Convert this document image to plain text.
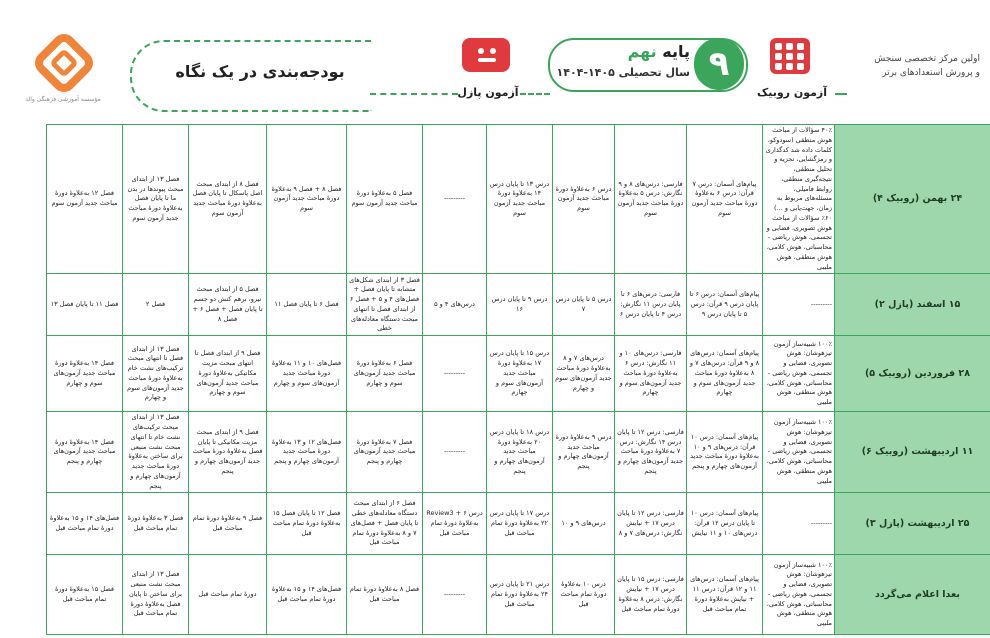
مؤسسه آموزشی فرهنگی والد
بودجه‌بندی در یک نگاه
آزمون پازل
۹
پایه نهم
سال تحصیلی ۱۴۰۵-۱۴۰۴
آزمون روبیک
اولین مرکز تخصصی سنجش
و پرورش استعدادهای برتر
فصل ۱۲ به‌علاوهٔ دورهٔ مباحث جدید آزمون سوم	فصل ۱۳ از ابتدای مبحث پیوندها در بدن ما تا پایان فصل به‌علاوهٔ دورهٔ مباحث جدید آزمون سوم	فصل ۸ از ابتدای مبحث اصل پاسکال تا پایان فصل به‌علاوهٔ دورهٔ مباحث جدید آزمون سوم	فصل ۸ + فصل ۹ به‌علاوهٔ دورهٔ مباحث جدید آزمون سوم	فصل ۵ به‌علاوهٔ دورهٔ مباحث جدید آزمون سوم	---------	درس ۱۳ تا پایان درس ۱۴ به‌علاوهٔ دورهٔ مباحث جدید آزمون سوم	درس ۶ به‌علاوهٔ دورهٔ مباحث جدید آزمون سوم	فارسی: درس‌های ۸ و ۹ نگارش: درس ۵ به‌علاوهٔ دورهٔ مباحث جدید آزمون سوم	پیام‌های آسمان: درس ۷ قرآن: درس ۶ به‌علاوهٔ دورهٔ مباحث جدید آزمون سوم	۴۰٪ سؤالات از مباحث هوش منطقی (سودوکو، کلمات داده شد کدگذاری و رمزگشایی، تجزیه و تحلیل منطقی، نتیجه‌گیری منطقی، روابط فامیلی، مسئله‌های مربوط به زمان، جهت‌یابی و ...) ۶۰٪ سؤالات از مباحث هوش تصویری، فضایی و تجسمی، هوش ریاضی - محاسباتی، هوش کلامی، هوش منطقی، هوش ملیبی	۲۴ بهمن (روبیک ۴)
فصل ۱۱ تا پایان فصل ۱۳	فصل ۲	فصل ۵ از ابتدای مبحث نیرو، برهم کنش دو جسم تا پایان فصل + فصل ۶ + فصل ۸	فصل ۶ تا پایان فصل ۱۱	فصل ۳ از ابتدای شکل‌های متشابه تا پایان فصل + فصل‌های ۴ و ۵ + فصل ۶ از ابتدای فصل تا انتهای مبحث دستگاه معادله‌های خطی	درس‌های ۴ و ۵	درس ۹ تا پایان درس ۱۶	درس ۵ تا پایان درس ۷	فارسی: درس‌های ۶ تا پایان درس ۱۱ نگارش: درس ۴ تا پایان درس ۶	پیام‌های آسمان: درس ۶ تا پایان درس ۹ قرآن: درس ۵ تا پایان درس ۹	---------	۱۵ اسفند (پازل ۲)
فصل ۱۴ به‌علاوهٔ دورهٔ مباحث جدید آزمون‌های سوم و چهارم	فصل ۱۳ از ابتدای فصل تا انتهای مبحث ترکیب‌های نشت خام به‌علاوهٔ دورهٔ مباحث جدید آزمون‌های سوم و چهارم	فصل ۹ از ابتدای فصل تا انتهای مبحث مزیت مکانیکی به‌علاوهٔ دورهٔ مباحث جدید آزمون‌های سوم و چهارم	فصل‌های ۱۰ و ۱۱ به‌علاوهٔ دورهٔ مباحث جدید آزمون‌های سوم و چهارم	فصل ۶ به‌علاوهٔ دورهٔ مباحث جدید آزمون‌های سوم و چهارم	---------	درس ۱۵ تا پایان درس ۱۷ به‌علاوهٔ دورهٔ مباحث جدید آزمون‌های سوم و چهارم	درس‌های ۷ و ۸ به‌علاوهٔ دورهٔ مباحث جدید آزمون‌های سوم و چهارم	فارسی: درس‌های ۱۰ و ۱۱ نگارش: درس ۶ به‌علاوهٔ دورهٔ مباحث جدید آزمون‌های سوم و چهارم	پیام‌های آسمان: درس‌های ۸ و ۹ قرآن: درس‌های ۷ و ۸ به‌علاوهٔ دورهٔ مباحث جدید آزمون‌های سوم و چهارم	۱۰۰٪ شبیه‌ساز آزمون تیزهوشان: هوش تصویری، فضایی و تجسمی، هوش ریاضی - محاسباتی، هوش کلامی، هوش منطقی، هوش ملیبی	۲۸ فروردین (روبیک ۵)
فصل ۱۴ به‌علاوهٔ دورهٔ مباحث جدید آزمون‌های چهارم و پنجم	فصل ۱۳ از ابتدای مبحث ترکیب‌های نشت خام تا انتهای مبحث نشت منبعی برای ساختن به‌علاوهٔ دورهٔ مباحث جدید آزمون‌های چهارم و پنجم	فصل ۹ از ابتدای مبحث مزیت مکانیکی تا پایان فصل به‌علاوهٔ دورهٔ مباحث جدید آزمون‌های چهارم و پنجم	فصل‌های ۱۲ و ۱۳ به‌علاوهٔ دورهٔ مباحث جدید آزمون‌های چهارم و پنجم	فصل ۷ به‌علاوهٔ دورهٔ مباحث جدید آزمون‌های چهارم و پنجم	---------	درس ۱۸ تا پایان درس ۲۰ به‌علاوهٔ دورهٔ مباحث جدید آزمون‌های چهارم و پنجم	درس ۹ به‌علاوهٔ دورهٔ مباحث جدید آزمون‌های چهارم و پنجم	فارسی: درس ۱۲ تا پایان درس ۱۴ نگارش: درس ۷ به‌علاوهٔ دورهٔ مباحث جدید آزمون‌های چهارم و پنجم	پیام‌های آسمان: درس ۱۰ قرآن: درس‌های ۹ و ۱۰ به‌علاوهٔ دورهٔ مباحث جدید آزمون‌های چهارم و پنجم	۱۰۰٪ شبیه‌ساز آزمون تیزهوشان: هوش تصویری، فضایی و تجسمی، هوش ریاضی - محاسباتی، هوش کلامی، هوش منطقی، هوش ملیبی	۱۱ اردیبهشت (روبیک ۶)
فصل‌های ۱۴ و ۱۵ به‌علاوهٔ دورهٔ تمام مباحث قبل	فصل ۳ به‌علاوهٔ دورهٔ تمام مباحث قبل	فصل ۹ به‌علاوهٔ دورهٔ تمام مباحث قبل	فصل ۱۲ تا پایان فصل ۱۵ به‌علاوهٔ دورهٔ تمام مباحث قبل	فصل ۶ از ابتدای مبحث دستگاه معادله‌های خطی تا پایان فصل + فصل‌های ۷ و ۸ به‌علاوهٔ دورهٔ تمام مباحث قبل	درس ۶ + Review3 به‌علاوهٔ دورهٔ تمام مباحث قبل	درس ۱۷ تا پایان درس ۲۲ به‌علاوهٔ دورهٔ تمام مباحث قبل	درس‌های ۹ و ۱۰	فارسی: درس ۱۲ تا پایان درس ۱۷ + نیایش نگارش: درس‌های ۷ و ۸	پیام‌های آسمان: درس ۱۰ تا پایان درس ۱۲ قرآن: درس‌های ۱۰ و ۱۱ نیایش	---------	۲۵ اردیبهشت (پازل ۳)
فصل ۱۵ به‌علاوهٔ دورهٔ تمام مباحث قبل	فصل ۱۳ از ابتدای مبحث نشت منبعی برای ساختن تا پایان فصل به‌علاوهٔ دورهٔ تمام مباحث قبل	دورهٔ تمام مباحث قبل	فصل‌های ۱۴ و ۱۵ به‌علاوهٔ دورهٔ تمام مباحث قبل	فصل ۸ به‌علاوهٔ دورهٔ تمام مباحث قبل	---------	درس ۲۱ تا پایان درس ۲۴ به‌علاوهٔ دورهٔ تمام مباحث قبل	درس ۱۰ به‌علاوهٔ دورهٔ تمام مباحث قبل	فارسی: درس ۱۵ تا پایان درس ۱۷ + نیایش نگارش: درس ۸ به‌علاوهٔ دورهٔ تمام مباحث قبل	پیام‌های آسمان: درس‌های ۱۱ و ۱۲ قرآن: درس ۱۱ + نیایش به‌علاوهٔ دورهٔ تمام مباحث قبل	۱۰۰٪ شبیه‌ساز آزمون تیزهوشان: هوش تصویری، فضایی و تجسمی، هوش ریاضی - محاسباتی، هوش کلامی، هوش منطقی، هوش ملیبی	بعدا اعلام می‌گردد
